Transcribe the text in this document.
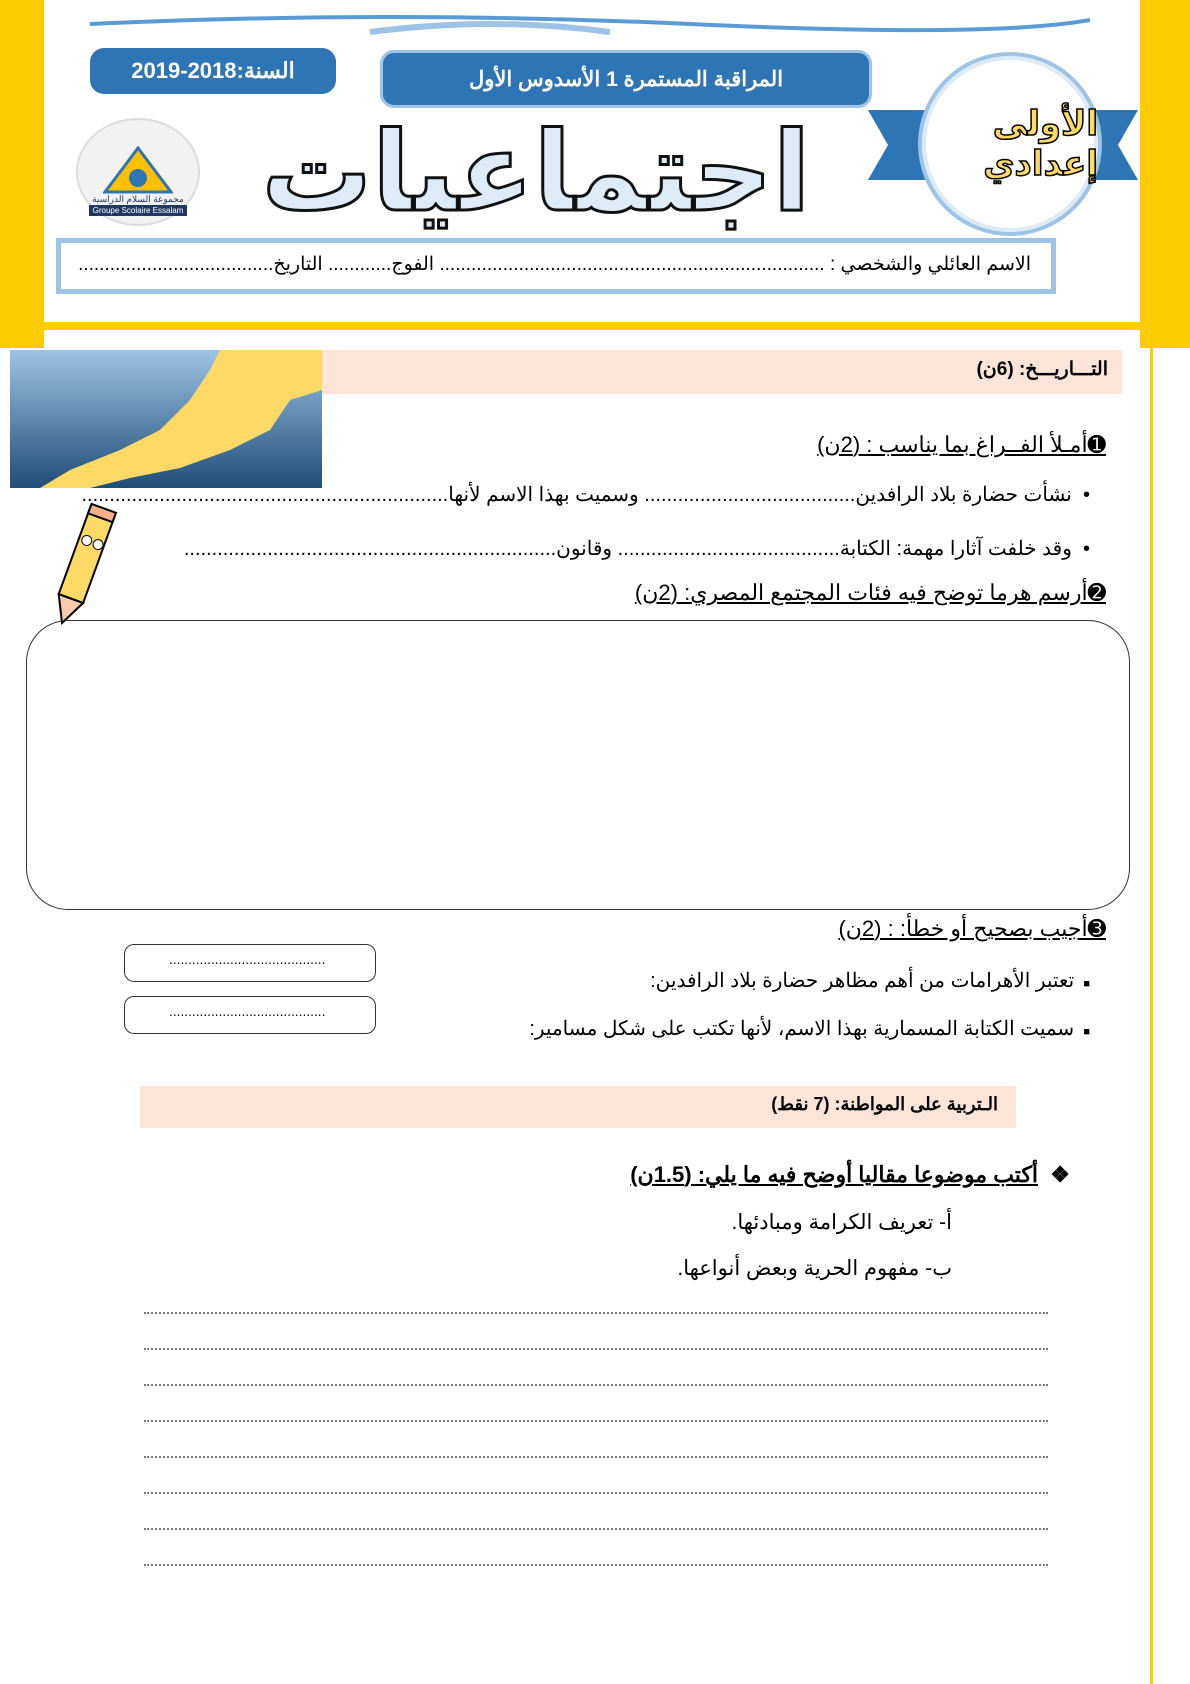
السنة:2018-2019	المراقبة المستمرة 1 الأسدوس الأول
مجموعة السلام الدراسية
Groupe Scolaire Essalam اجتماعيات	الأولى إعدادي
الاسم العائلي والشخصي : ......................................................................... الفوج............ التاريخ.....................................
التـــاريـــخ: (6ن)
➊أمـلأ الفــراغ بما يناسب : (2ن)
•  نشأت حضارة بلاد الرافدين...................................... وسميت بهذا الاسم لأنها..................................................................
•  وقد خلفت آثارا مهمة: الكتابة........................................ وقانون...................................................................
➋أرسم هرما توضح فيه فئات المجتمع المصري: (2ن)
➌أجيب بصحيح أو خطأ: : (2ن)
.........................................
.........................................
■   تعتبر الأهرامات من أهم مظاهر حضارة بلاد الرافدين:
■   سميت الكتابة المسمارية بهذا الاسم، لأنها تكتب على شكل مسامير:
الـتربية على المواطنة: (7 نقط)
❖  أكتب موضوعا مقاليا أوضح فيه ما يلي: (1.5ن)
أ- تعريف الكرامة ومبادئها.
ب- مفهوم الحرية وبعض أنواعها.
